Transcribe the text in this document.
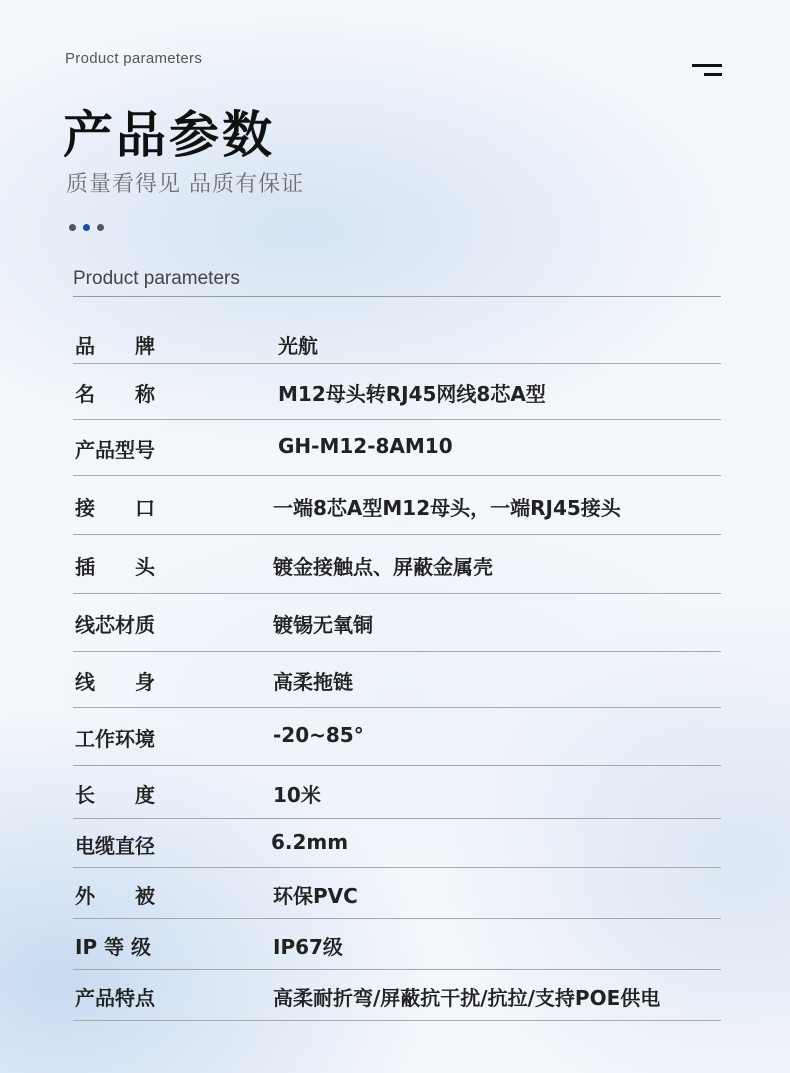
Product parameters
产品参数
质量看得见 品质有保证
Product parameters
品　　牌	光航
名　　称	M12母头转RJ45网线8芯A型
产品型号	GH-M12-8AM10
接　　口	一端8芯A型M12母头，一端RJ45接头
插　　头	镀金接触点、屏蔽金属壳
线芯材质	镀锡无氧铜
线　　身	高柔拖链
工作环境	-20~85°
长　　度	10米
电缆直径	6.2mm
外　　被	环保PVC
IP 等 级	IP67级
产品特点	高柔耐折弯/屏蔽抗干扰/抗拉/支持POE供电
